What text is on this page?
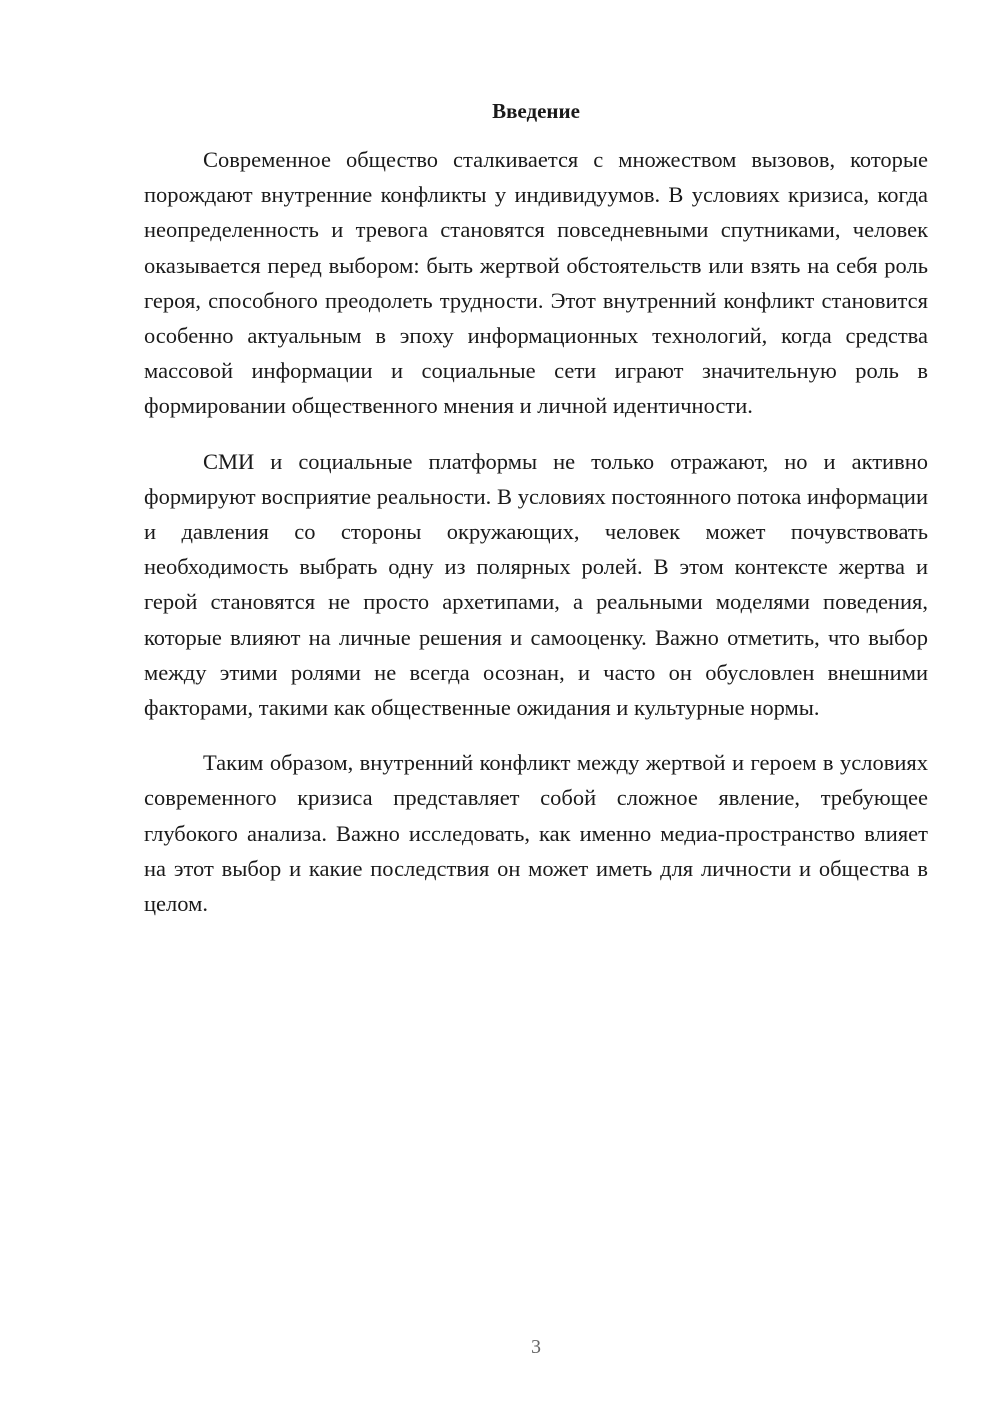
Введение

Современное общество сталкивается с множеством вызовов, которые порождают внутренние конфликты у индивидуумов. В условиях кризиса, когда неопределенность и тревога становятся повседневными спутниками, человек оказывается перед выбором: быть жертвой обстоятельств или взять на себя роль героя, способного преодолеть трудности. Этот внутренний конфликт становится особенно актуальным в эпоху информационных технологий, когда средства массовой информации и социальные сети играют значительную роль в формировании общественного мнения и личной идентичности.

СМИ и социальные платформы не только отражают, но и активно формируют восприятие реальности. В условиях постоянного потока информации и давления со стороны окружающих, человек может почувствовать необходимость выбрать одну из полярных ролей. В этом контексте жертва и герой становятся не просто архетипами, а реальными моделями поведения, которые влияют на личные решения и самооценку. Важно отметить, что выбор между этими ролями не всегда осознан, и часто он обусловлен внешними факторами, такими как общественные ожидания и культурные нормы.

Таким образом, внутренний конфликт между жертвой и героем в условиях современного кризиса представляет собой сложное явление, требующее глубокого анализа. Важно исследовать, как именно медиа-пространство влияет на этот выбор и какие последствия он может иметь для личности и общества в целом.

3
